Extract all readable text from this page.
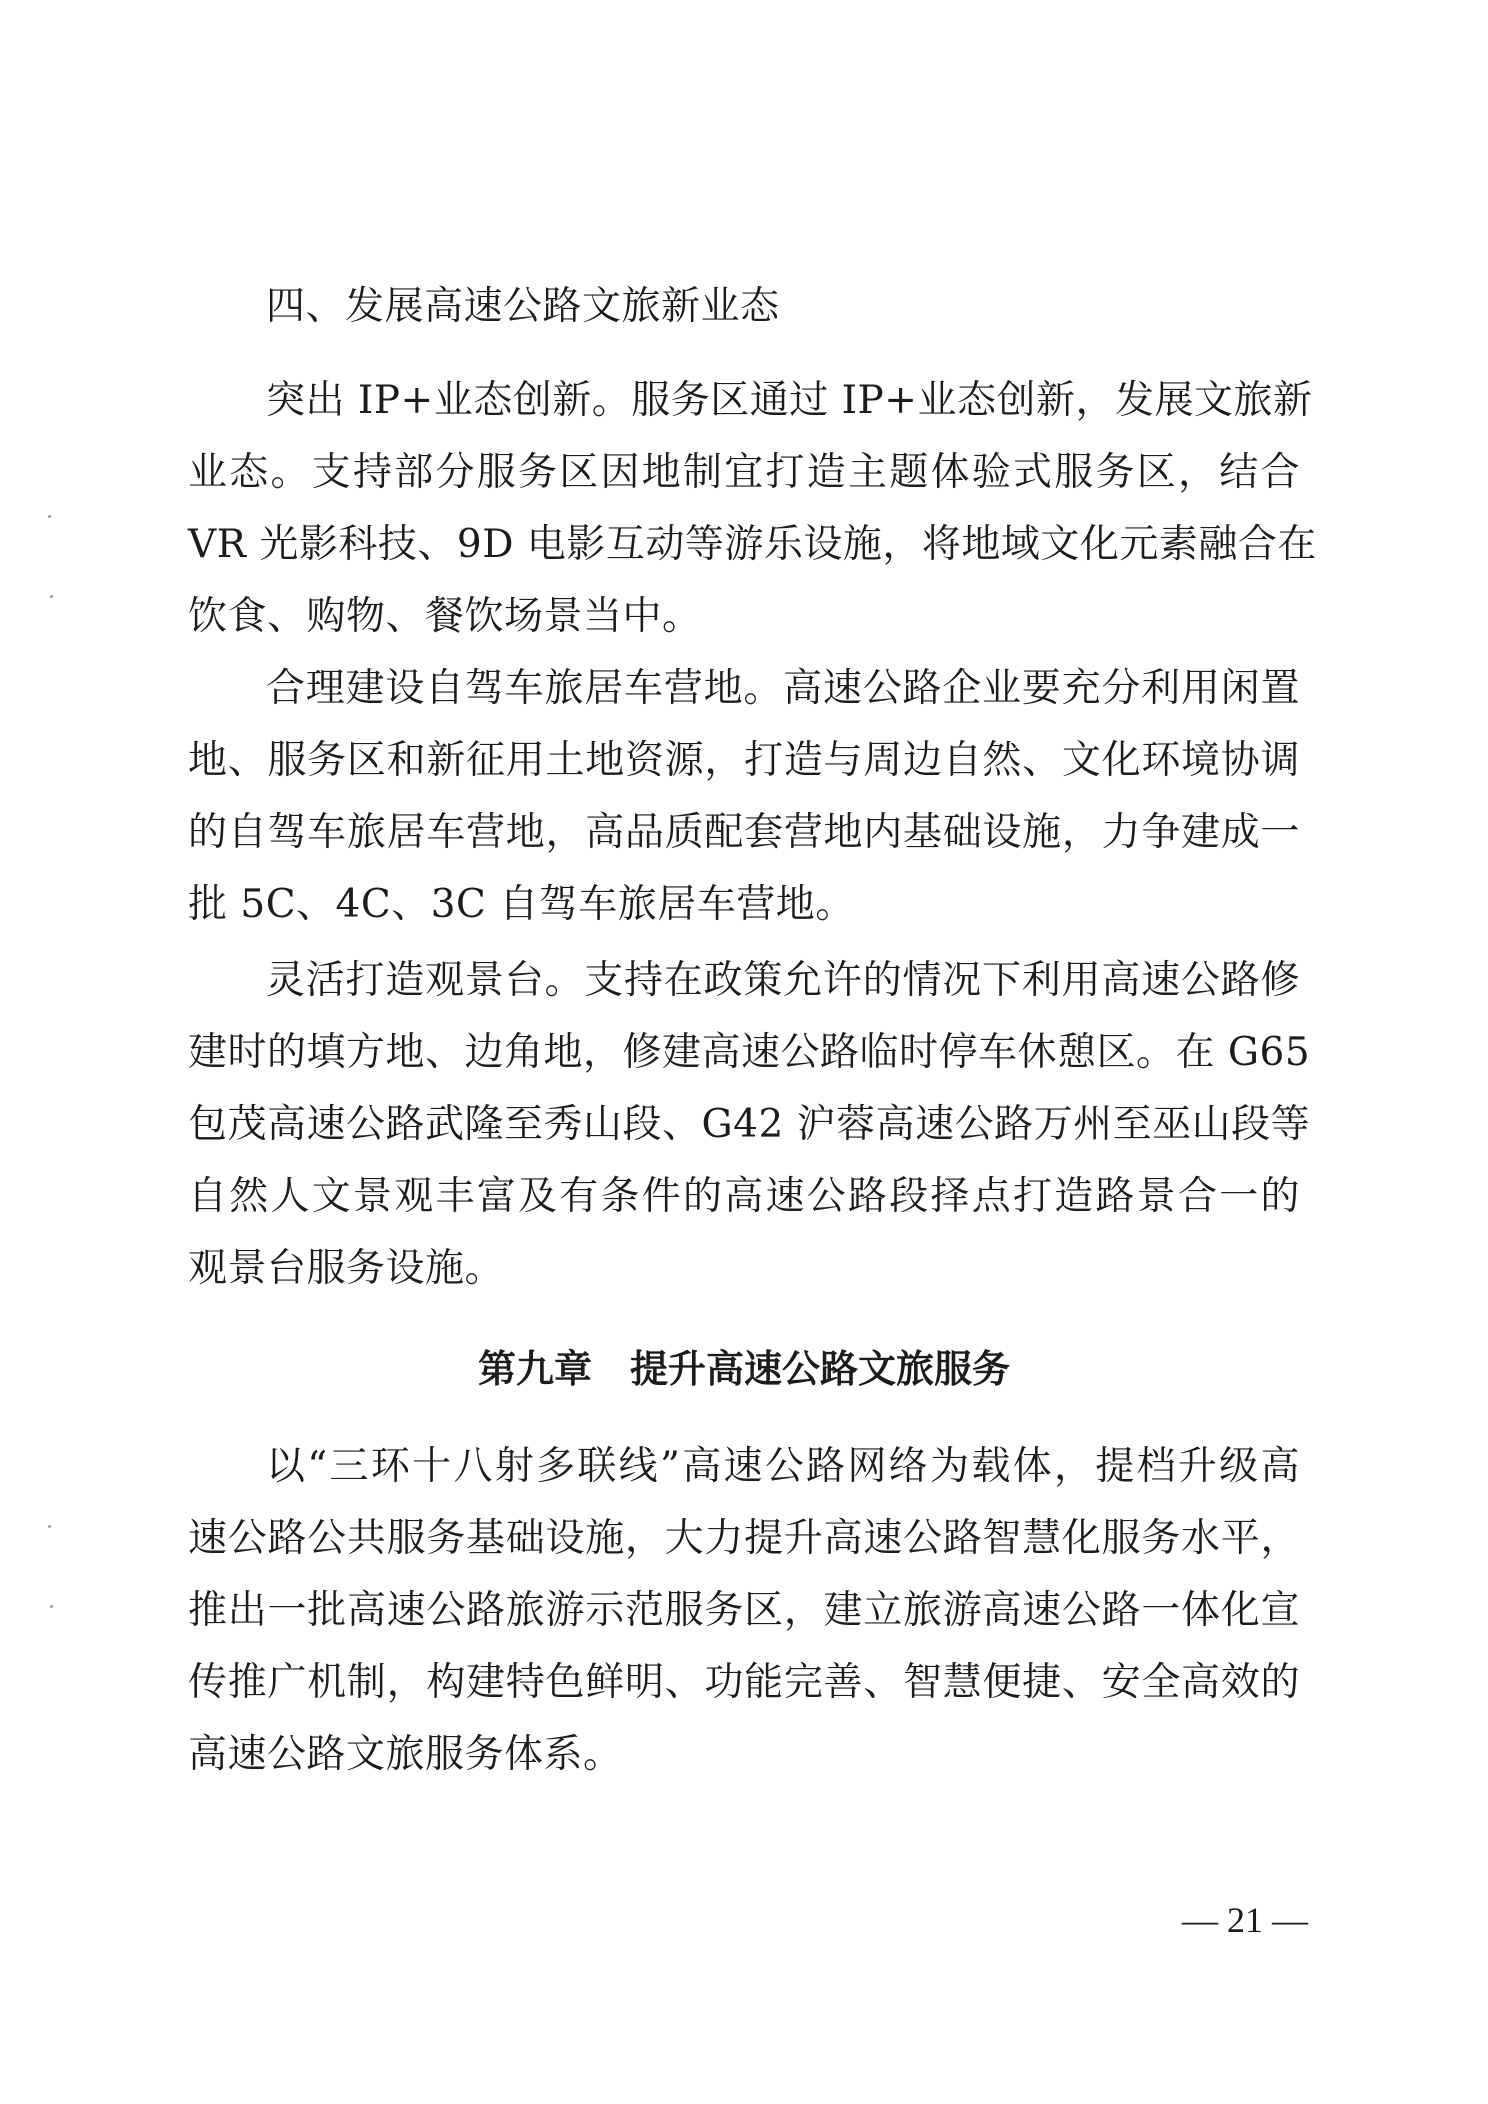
四、发展高速公路文旅新业态
突出 IP+业态创新。服务区通过 IP+业态创新，发展文旅新
业态。支持部分服务区因地制宜打造主题体验式服务区，结合
VR 光影科技、9D 电影互动等游乐设施，将地域文化元素融合在
饮食、购物、餐饮场景当中。
合理建设自驾车旅居车营地。高速公路企业要充分利用闲置
地、服务区和新征用土地资源，打造与周边自然、文化环境协调
的自驾车旅居车营地，高品质配套营地内基础设施，力争建成一
批 5C、4C、3C 自驾车旅居车营地。
灵活打造观景台。支持在政策允许的情况下利用高速公路修
建时的填方地、边角地，修建高速公路临时停车休憩区。在 G65
包茂高速公路武隆至秀山段、G42 沪蓉高速公路万州至巫山段等
自然人文景观丰富及有条件的高速公路段择点打造路景合一的
观景台服务设施。
第九章　提升高速公路文旅服务
以“三环十八射多联线”高速公路网络为载体，提档升级高
速公路公共服务基础设施，大力提升高速公路智慧化服务水平，
推出一批高速公路旅游示范服务区，建立旅游高速公路一体化宣
传推广机制，构建特色鲜明、功能完善、智慧便捷、安全高效的
高速公路文旅服务体系。
— 21 —
